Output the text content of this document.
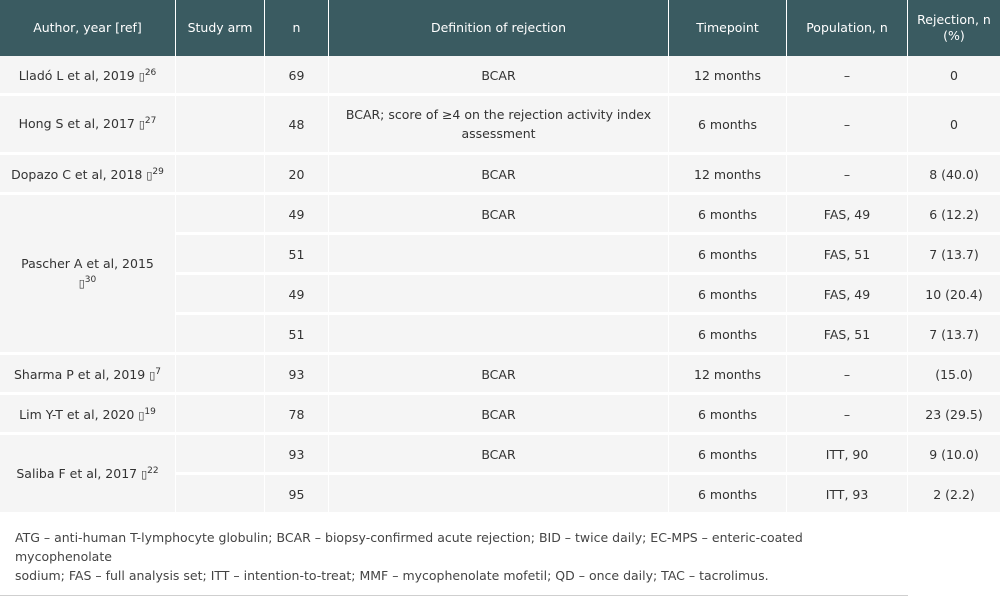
Author, year [ref]	Study arm	n	Definition of rejection	Timepoint	Population, n	Rejection, n
(%)
Lladó L et al, 2019 ▯$^{26}$		69	BCAR	12 months	–	0
Hong S et al, 2017 ▯$^{27}$		48	BCAR; score of ≥4 on the rejection activity index
assessment	6 months	–	0
Dopazo C et al, 2018 ▯$^{29}$		20	BCAR	12 months	–	8 (40.0)
Pascher A et al, 2015
▯$^{30}$		49	BCAR	6 months	FAS, 49	6 (12.2)
		51		6 months	FAS, 51	7 (13.7)
		49		6 months	FAS, 49	10 (20.4)
		51		6 months	FAS, 51	7 (13.7)
Sharma P et al, 2019 ▯$^7$		93	BCAR	12 months	–	(15.0)
Lim Y-T et al, 2020 ▯$^{19}$		78	BCAR	6 months	–	23 (29.5)
Saliba F et al, 2017 ▯$^{22}$		93	BCAR	6 months	ITT, 90	9 (10.0)
		95		6 months	ITT, 93	2 (2.2)
ATG – anti-human T-lymphocyte globulin; BCAR – biopsy-confirmed acute rejection; BID – twice daily; EC-MPS – enteric-coated mycophenolate
sodium; FAS – full analysis set; ITT – intention-to-treat; MMF – mycophenolate mofetil; QD – once daily; TAC – tacrolimus.
